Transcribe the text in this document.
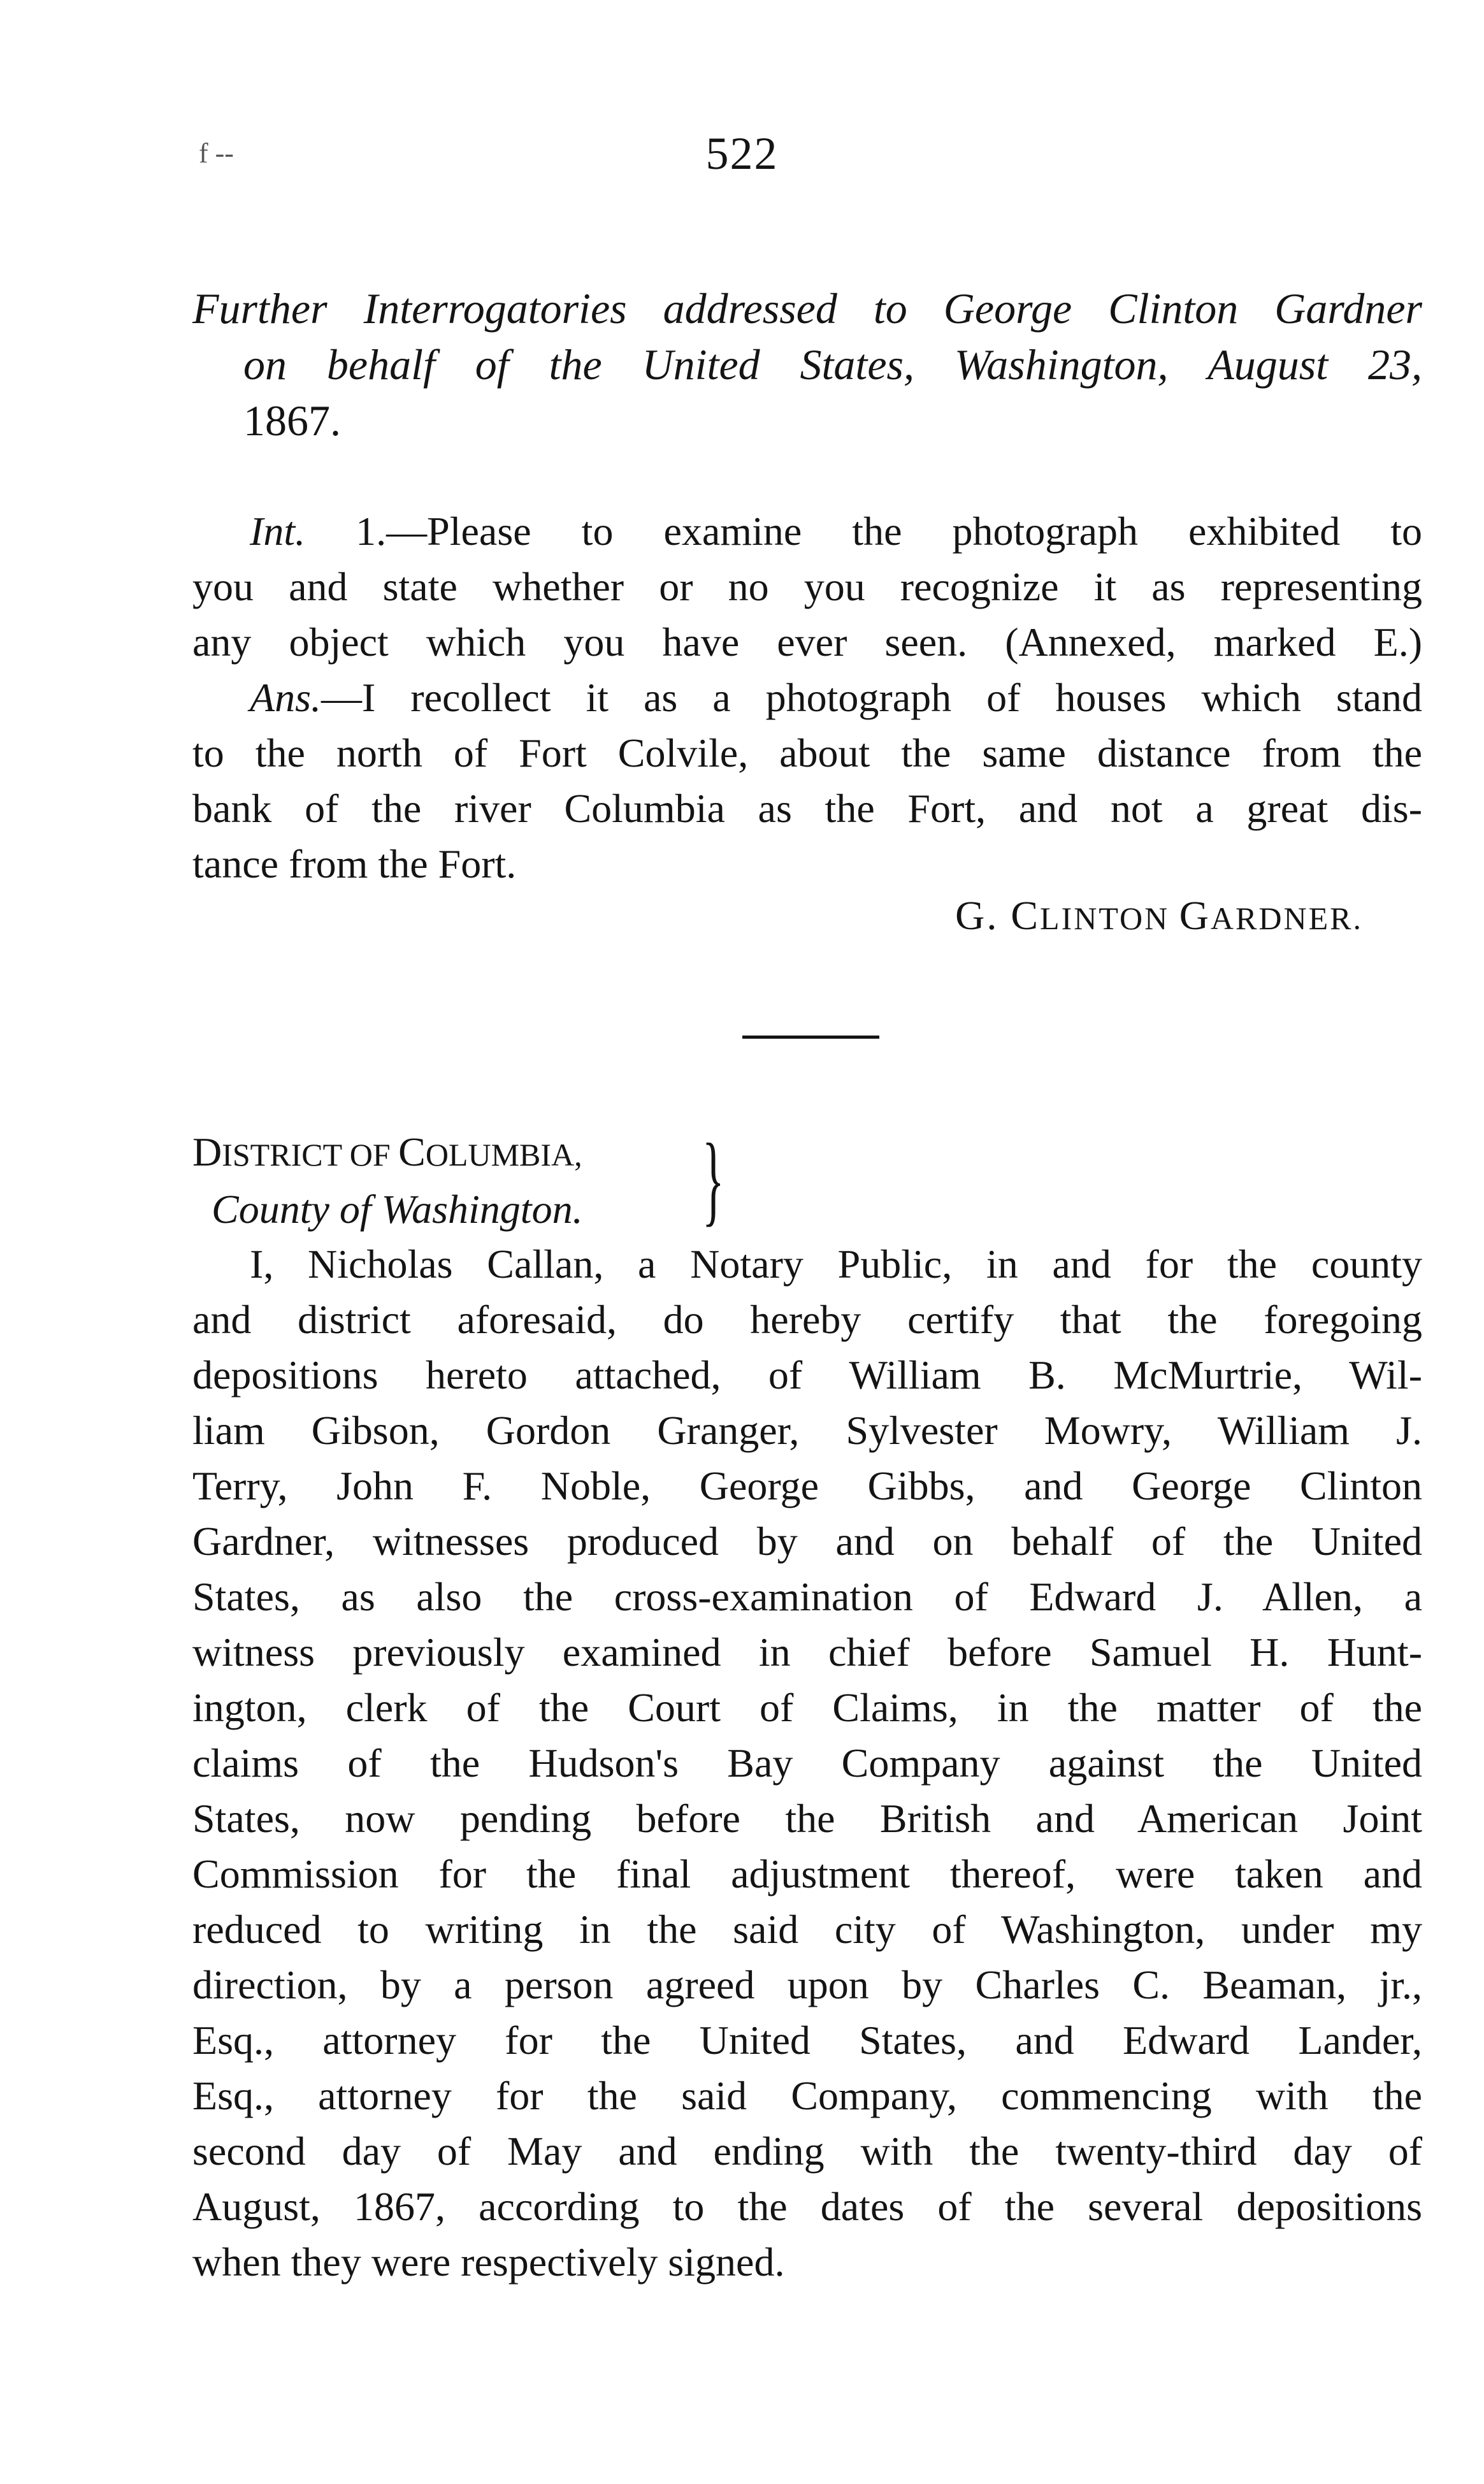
f --	522
Further Interrogatories addressed to George Clinton Gardner
on behalf of the United States, Washington, August 23,
1867.
Int. 1.—Please to examine the photograph exhibited to
you and state whether or no you recognize it as representing
any object which you have ever seen. (Annexed, marked E.)
Ans.—I recollect it as a photograph of houses which stand
to the north of Fort Colvile, about the same distance from the
bank of the river Columbia as the Fort, and not a great dis-
tance from the Fort.
G. CLINTON GARDNER.
DISTRICT OF COLUMBIA,
County of Washington. }
I, Nicholas Callan, a Notary Public, in and for the county
and district aforesaid, do hereby certify that the foregoing
depositions hereto attached, of William B. McMurtrie, Wil-
liam Gibson, Gordon Granger, Sylvester Mowry, William J.
Terry, John F. Noble, George Gibbs, and George Clinton
Gardner, witnesses produced by and on behalf of the United
States, as also the cross-examination of Edward J. Allen, a
witness previously examined in chief before Samuel H. Hunt-
ington, clerk of the Court of Claims, in the matter of the
claims of the Hudson's Bay Company against the United
States, now pending before the British and American Joint
Commission for the final adjustment thereof, were taken and
reduced to writing in the said city of Washington, under my
direction, by a person agreed upon by Charles C. Beaman, jr.,
Esq., attorney for the United States, and Edward Lander,
Esq., attorney for the said Company, commencing with the
second day of May and ending with the twenty-third day of
August, 1867, according to the dates of the several depositions
when they were respectively signed.
